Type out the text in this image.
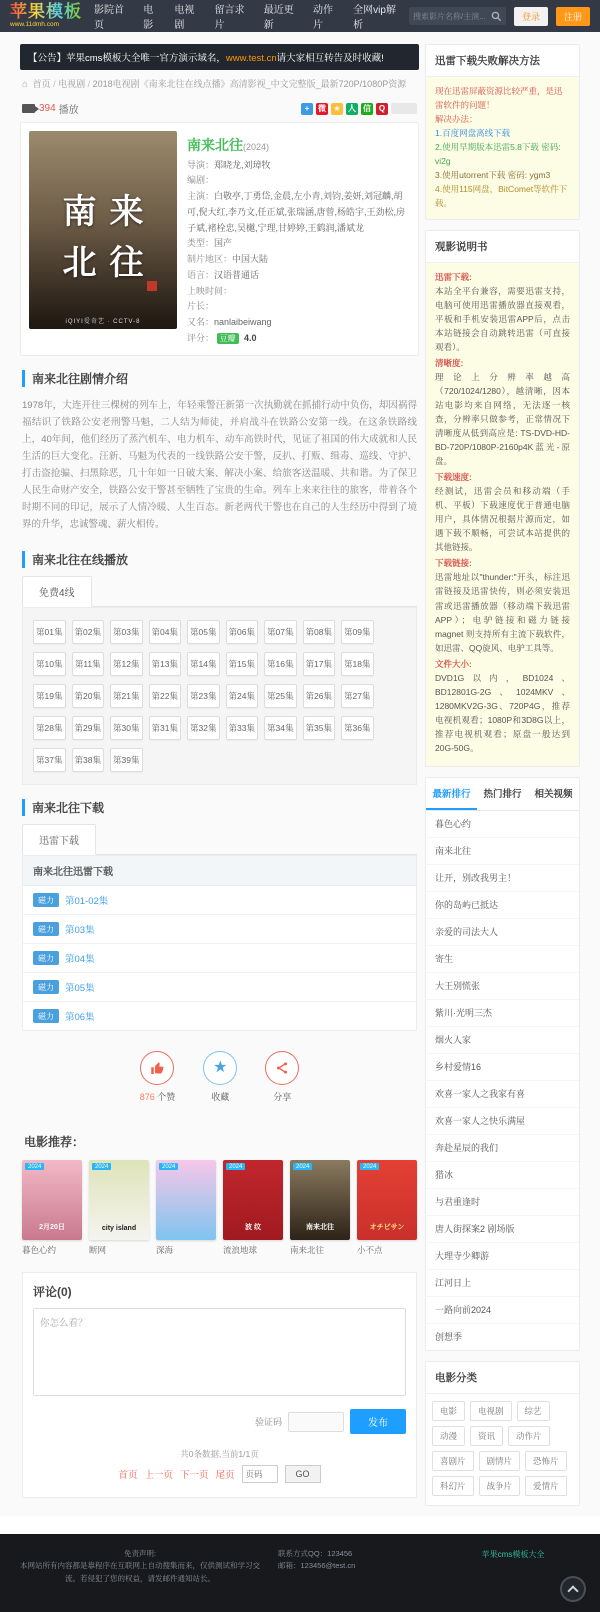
苹果模板
www.11dmh.com
影院首页
电影
电视剧
留言求片
最近更新
动作片
全网vip解析
搜索影片名称/主演...
登录	注册
【公告】苹果cms模板大全唯一官方演示域名，www.test.cn请大家相互转告及时收藏!
⌂ 首页 / 电视剧 / 2018电视剧《南来北往在线点播》高清影视_中文完整版_最新720P/1080P资源
394 播放	+	微 ★ 人 信 Q
南 来
北 往
iQIYI爱奇艺 · CCTV-8
南来北往(2024)
导演：郑晓龙,刘璋牧
编剧：
主演：白敬亭,丁勇岱,金晨,左小青,刘钧,姜妍,刘冠麟,胡可,倪大红,李乃文,任正斌,张瑞涵,唐曾,杨皓宇,王劲松,房子斌,褚栓忠,吴樾,宁理,甘婷婷,王鹤润,潘斌龙
类型：国产
制片地区：中国大陆
语言：汉语普通话
上映时间：
片长：
又名：nanlaibeiwang
评分： 豆瓣 4.0
南来北往剧情介绍

1978年，大连开往三棵树的列车上，年轻乘警汪新第一次执勤就在抓捕行动中负伤，却因祸得福结识了铁路公安老刑警马魁，二人结为师徒，并肩战斗在铁路公安第一线。在这条铁路线上，40年间，他们经历了蒸汽机车、电力机车、动车高铁时代，见证了祖国的伟大成就和人民生活的巨大变化。汪新、马魁为代表的一线铁路公安干警，反扒、打贩、缉毒、巡线、守护、打击盗抢骗、扫黑除恶，几十年如一日破大案、解决小案、给旅客送温暖、共和谐。为了保卫人民生命财产安全，铁路公安干警甚至牺牲了宝贵的生命。列车上来来往往的旅客，带着各个时期不同的印记，展示了人情冷暖、人生百态。新老两代干警也在自己的人生经历中得到了境界的升华，忠诚警魂、薪火相传。

南来北往在线播放
免费4线
第01集	第02集	第03集	第04集	第05集	第06集	第07集	第08集	第09集
第10集	第11集	第12集	第13集	第14集	第15集	第16集	第17集	第18集
第19集	第20集	第21集	第22集	第23集	第24集	第25集	第26集	第27集
第28集	第29集	第30集	第31集	第32集	第33集	第34集	第35集	第36集
第37集	第38集	第39集
南来北往下载
迅雷下载
南来北往迅雷下载
磁力	第01-02集
磁力	第03集
磁力	第04集
磁力	第05集
磁力	第06集
876 个赞
★
收藏	分享
电影推荐：
2024
2月20日
暮色心约
2024
city island
断网
2024
深海
2024
波 纹
流浪地球
2024
南来北往
南来北往
2024
オチビサン
小不点
评论(0)
你怎么看？
验证码	发布
共0条数据,当前1/1页
首页 上一页 下一页 尾页
页码	GO
迅雷下载失败解决方法
现在迅雷屏蔽资源比较严重，是迅雷软件的问题！
解决办法：
1.百度网盘离线下载
2.使用早期版本迅雷5.8下载 密码: vi2g
3.使用utorrent下载 密码: ygm3
4.使用115网盘，BitComet等软件下载。
观影说明书
迅雷下载:
本站全平台兼容，需要迅雷支持，电脑可使用迅雷播放器直接观看，平板和手机安装迅雷APP后，点击本站链接会自动跳转迅雷（可直接观看）。
清晰度:
理论上分辨率越高（720/1024/1280），越清晰，因本站电影均来自网络，无法逐一核查，分辨率只做参考，正常情况下清晰度从低到高应是: TS-DVD-HD-BD-720P/1080P-2160p4K蓝光-原盘。
下载速度:
经测试，迅雷会员和移动端（手机、平板）下载速度优于普通电脑用户，具体情况根据片源而定，如遇下载不顺畅，可尝试本站提供的其他链接。
下载链接:
迅雷地址以"thunder:"开头，标注迅雷链接及迅雷快传，则必须安装迅雷或迅雷播放器（移动端下载迅雷APP）；电驴链接和磁力链接 magnet 则支持所有主流下载软件，如迅雷、QQ旋风、电驴工具等。
文件大小:
DVD1G以内，BD1024、BD12801G-2G、1024MKV、1280MKV2G-3G、720P4G，推荐电视机观看；1080P和3D8G以上，推荐电视机观看；原盘一般达到20G-50G。
最新排行	热门排行	相关视频
暮色心约
南来北往
让开，别改我男主！
你的岛屿已抵达
亲爱的司法大人
寄生
大王别慌张
紫川·光明三杰
烟火人家
乡村爱情16
欢喜一家人之我家有喜
欢喜一家人之快乐满屋
奔赴星辰的我们
猎冰
与君重逢时
唐人街探案2 剧场版
大理寺少卿游
江河日上
一路向前2024
创想季
电影分类
电影	电视剧	综艺
动漫	资讯	动作片
喜剧片	剧情片	恐怖片
科幻片	战争片	爱情片
免责声明:
本网站所有内容都是靠程序在互联网上自动搜集而来，仅供测试和学习交流。若侵犯了您的权益，请发邮件通知站长。
联系方式QQ：123456
邮箱：123456@test.cn
苹果cms模板大全
